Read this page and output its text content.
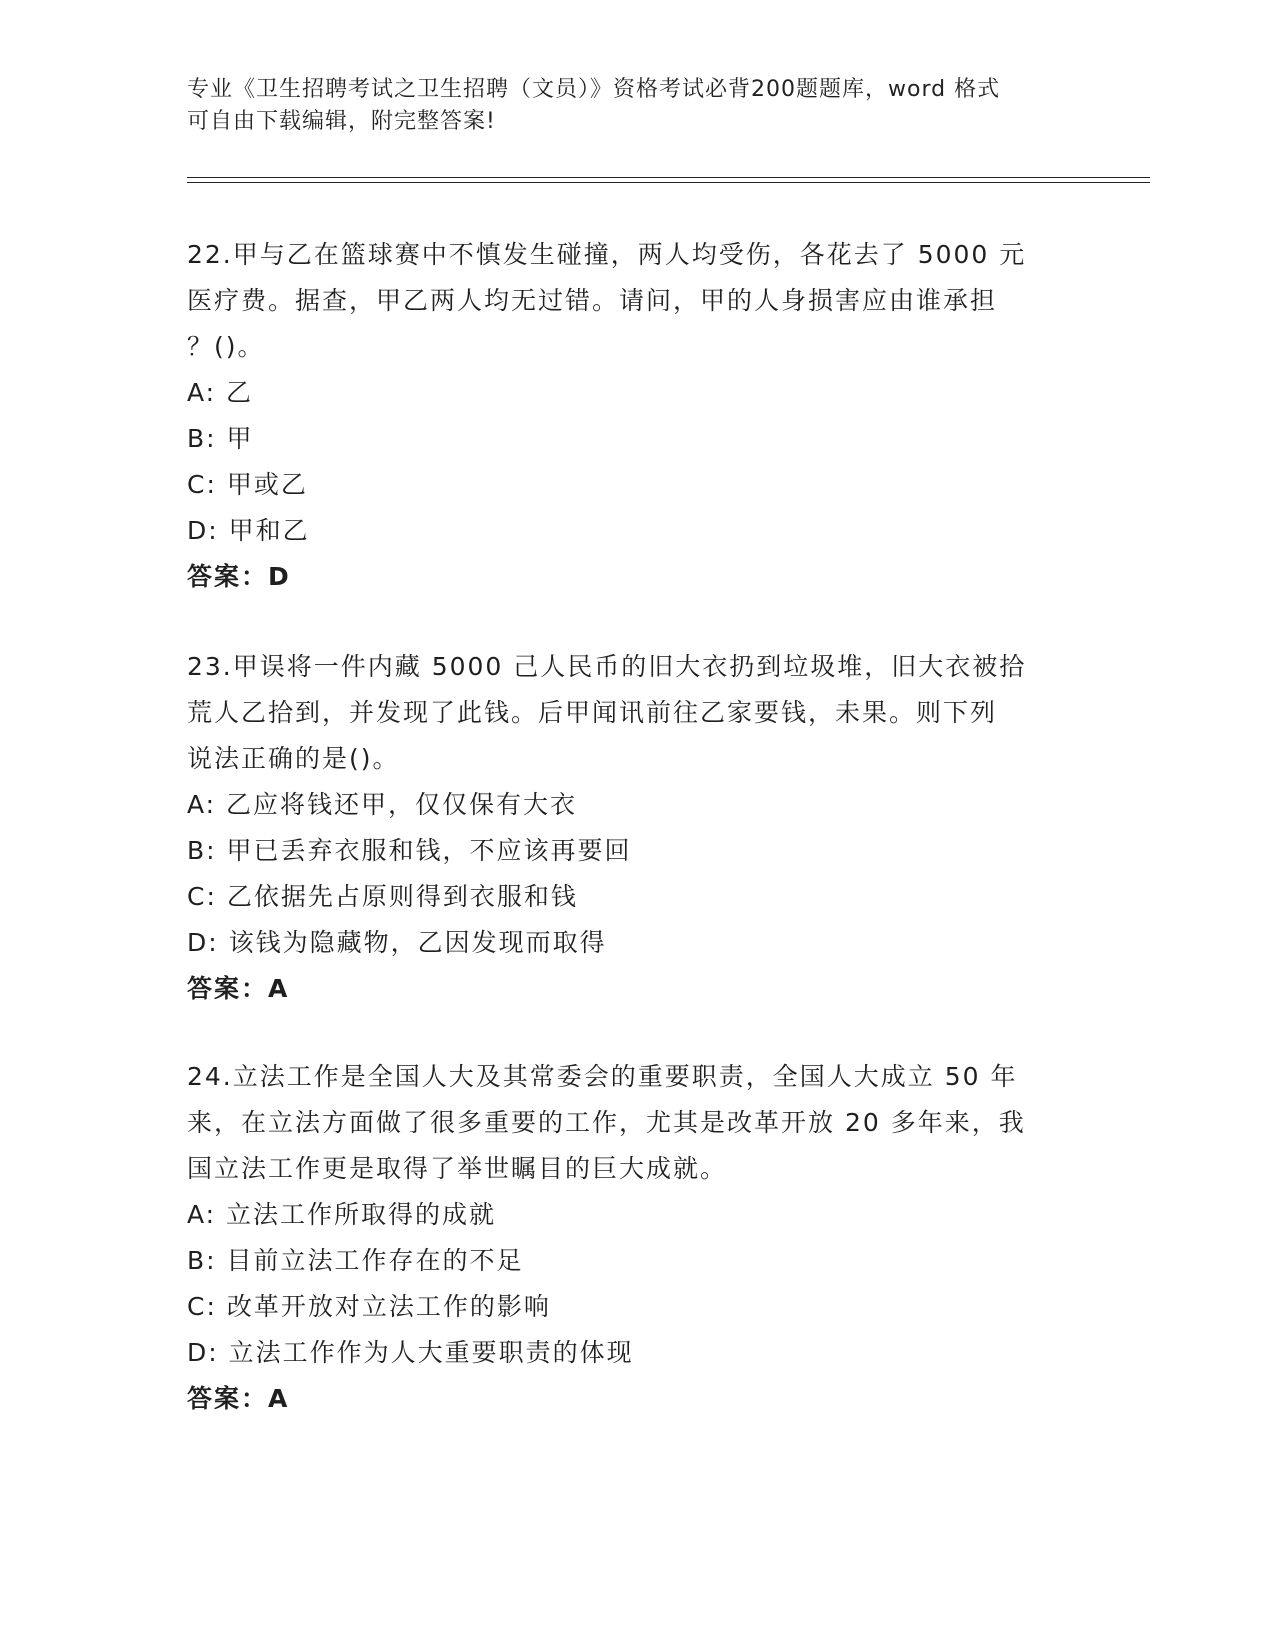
专业《卫生招聘考试之卫生招聘（文员）》资格考试必背200题题库，word 格式
可自由下载编辑，附完整答案!
22.甲与乙在篮球赛中不慎发生碰撞，两人均受伤，各花去了 5000 元
医疗费。据查，甲乙两人均无过错。请问，甲的人身损害应由谁承担
？()。
A: 乙
B: 甲
C: 甲或乙
D: 甲和乙
答案：D
23.甲误将一件内藏 5000 己人民币的旧大衣扔到垃圾堆，旧大衣被拾
荒人乙拾到，并发现了此钱。后甲闻讯前往乙家要钱，未果。则下列
说法正确的是()。
A: 乙应将钱还甲，仅仅保有大衣
B: 甲已丢弃衣服和钱，不应该再要回
C: 乙依据先占原则得到衣服和钱
D: 该钱为隐藏物，乙因发现而取得
答案：A
24.立法工作是全国人大及其常委会的重要职责，全国人大成立 50 年
来，在立法方面做了很多重要的工作，尤其是改革开放 20 多年来，我
国立法工作更是取得了举世瞩目的巨大成就。
A: 立法工作所取得的成就
B: 目前立法工作存在的不足
C: 改革开放对立法工作的影响
D: 立法工作作为人大重要职责的体现
答案：A
